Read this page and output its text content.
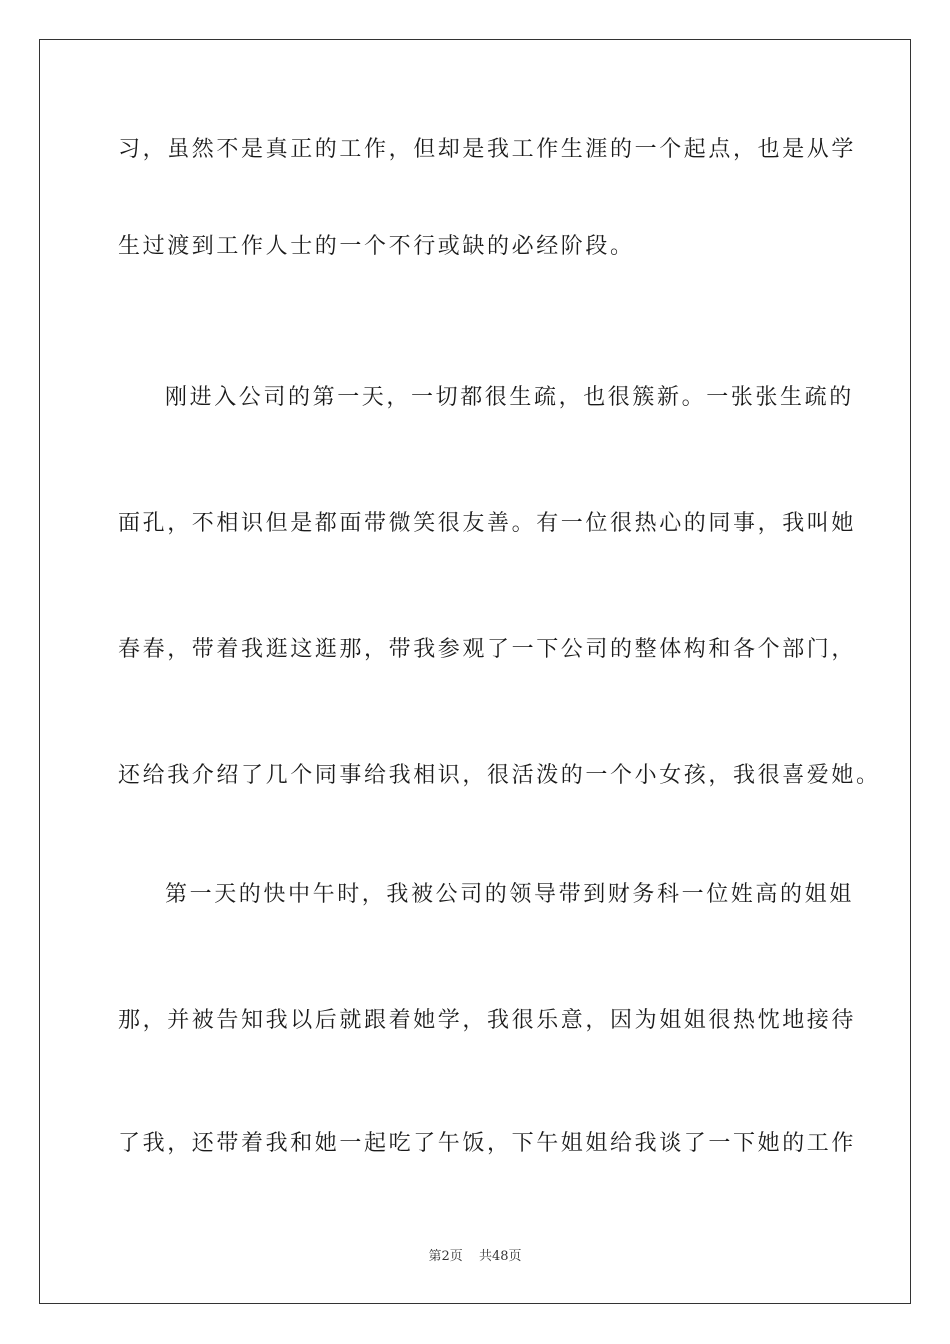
习，虽然不是真正的工作，但却是我工作生涯的一个起点，也是从学
生过渡到工作人士的一个不行或缺的必经阶段。
刚进入公司的第一天，一切都很生疏，也很簇新。一张张生疏的
面孔，不相识但是都面带微笑很友善。有一位很热心的同事，我叫她
春春，带着我逛这逛那，带我参观了一下公司的整体构和各个部门，
还给我介绍了几个同事给我相识，很活泼的一个小女孩，我很喜爱她。
第一天的快中午时，我被公司的领导带到财务科一位姓高的姐姐
那，并被告知我以后就跟着她学，我很乐意，因为姐姐很热忱地接待
了我，还带着我和她一起吃了午饭，下午姐姐给我谈了一下她的工作
第2页 共48页
